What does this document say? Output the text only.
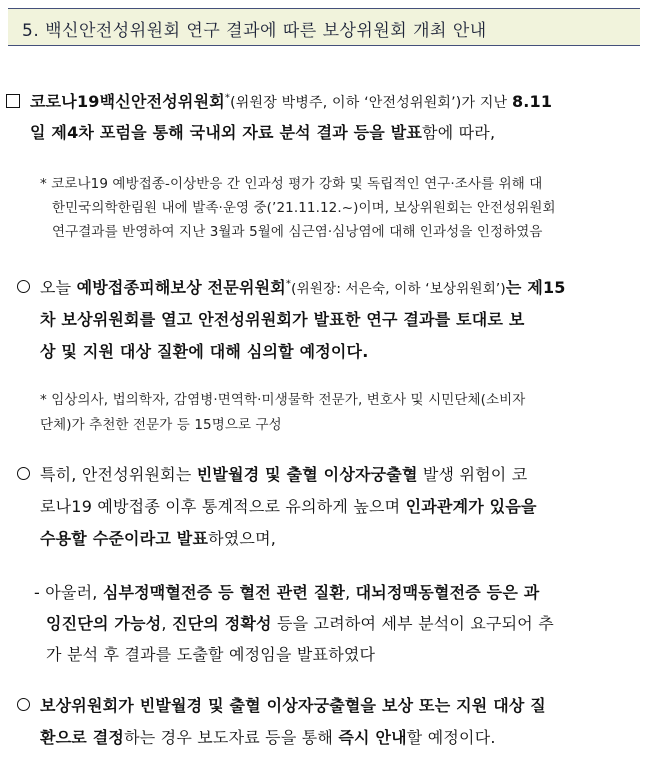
5. 백신안전성위원회 연구 결과에 따른 보상위원회 개최 안내
코로나19백신안전성위원회*(위원장 박병주, 이하 ‘안전성위원회’)가 지난 8.11
일 제4차 포럼을 통해 국내외 자료 분석 결과 등을 발표함에 따라,
* 코로나19 예방접종-이상반응 간 인과성 평가 강화 및 독립적인 연구·조사를 위해 대
한민국의학한림원 내에 발족·운영 중(’21.11.12.~)이며, 보상위원회는 안전성위원회
연구결과를 반영하여 지난 3월과 5월에 심근염·심낭염에 대해 인과성을 인정하였음
오늘 예방접종피해보상 전문위원회*(위원장: 서은숙, 이하 ‘보상위원회’)는 제15
차 보상위원회를 열고 안전성위원회가 발표한 연구 결과를 토대로 보
상 및 지원 대상 질환에 대해 심의할 예정이다.
* 임상의사, 법의학자, 감염병·면역학·미생물학 전문가, 변호사 및 시민단체(소비자
단체)가 추천한 전문가 등 15명으로 구성
특히, 안전성위원회는 빈발월경 및 출혈 이상자궁출혈 발생 위험이 코
로나19 예방접종 이후 통계적으로 유의하게 높으며 인과관계가 있음을
수용할 수준이라고 발표하였으며,
- 아울러, 심부정맥혈전증 등 혈전 관련 질환, 대뇌정맥동혈전증 등은 과
잉진단의 가능성, 진단의 정확성 등을 고려하여 세부 분석이 요구되어 추
가 분석 후 결과를 도출할 예정임을 발표하였다
보상위원회가 빈발월경 및 출혈 이상자궁출혈을 보상 또는 지원 대상 질
환으로 결정하는 경우 보도자료 등을 통해 즉시 안내할 예정이다.
